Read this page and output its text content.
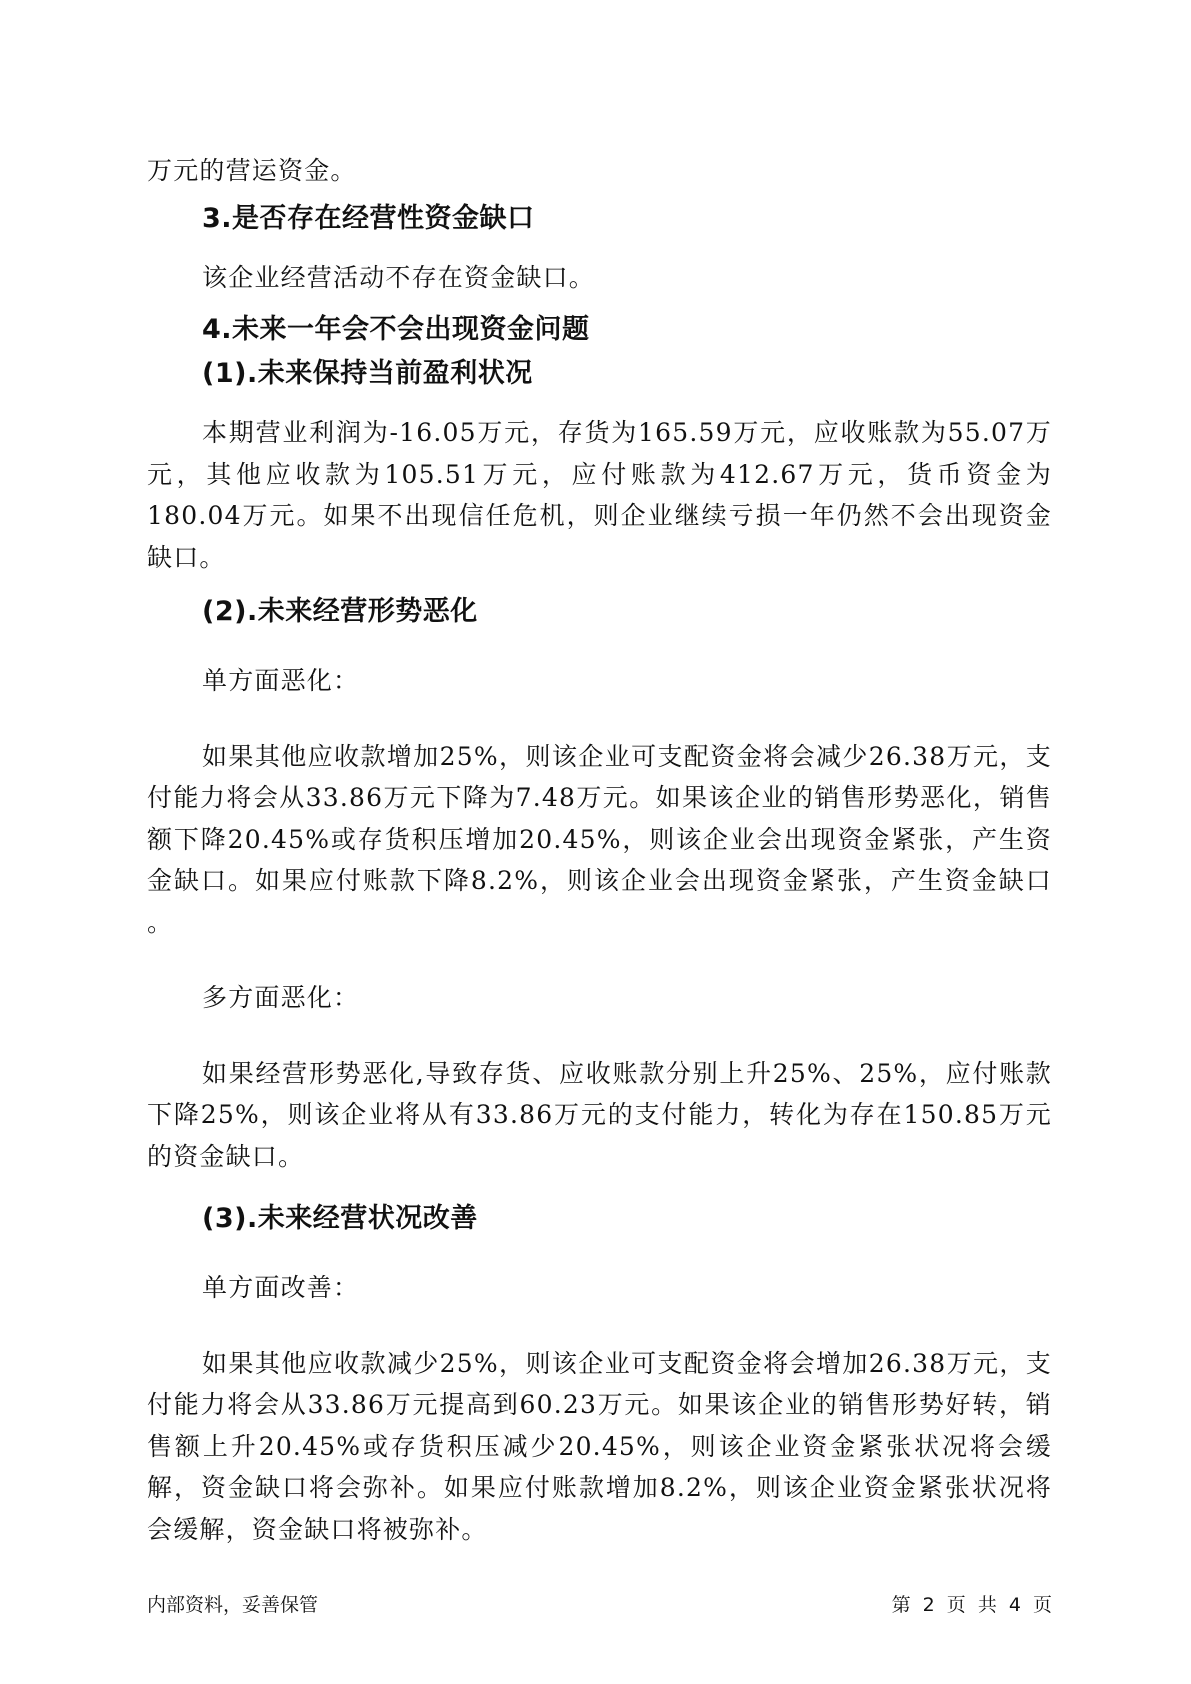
万元的营运资金。

3.是否存在经营性资金缺口

该企业经营活动不存在资金缺口。

4.未来一年会不会出现资金问题

(1).未来保持当前盈利状况

本期营业利润为-16.05万元，存货为165.59万元，应收账款为55.07万元，其他应收款为105.51万元，应付账款为412.67万元，货币资金为180.04万元。如果不出现信任危机，则企业继续亏损一年仍然不会出现资金缺口。

(2).未来经营形势恶化

单方面恶化：

如果其他应收款增加25%，则该企业可支配资金将会减少26.38万元，支付能力将会从33.86万元下降为7.48万元。如果该企业的销售形势恶化，销售额下降20.45%或存货积压增加20.45%，则该企业会出现资金紧张，产生资金缺口。如果应付账款下降8.2%，则该企业会出现资金紧张，产生资金缺口 。

多方面恶化：

如果经营形势恶化,导致存货、应收账款分别上升25%、25%，应付账款下降25%，则该企业将从有33.86万元的支付能力，转化为存在150.85万元的资金缺口。

(3).未来经营状况改善

单方面改善：

如果其他应收款减少25%，则该企业可支配资金将会增加26.38万元，支付能力将会从33.86万元提高到60.23万元。如果该企业的销售形势好转，销售额上升20.45%或存货积压减少20.45%，则该企业资金紧张状况将会缓解，资金缺口将会弥补。如果应付账款增加8.2%，则该企业资金紧张状况将会缓解，资金缺口将被弥补。

内部资料，妥善保管	第 2 页 共 4 页
